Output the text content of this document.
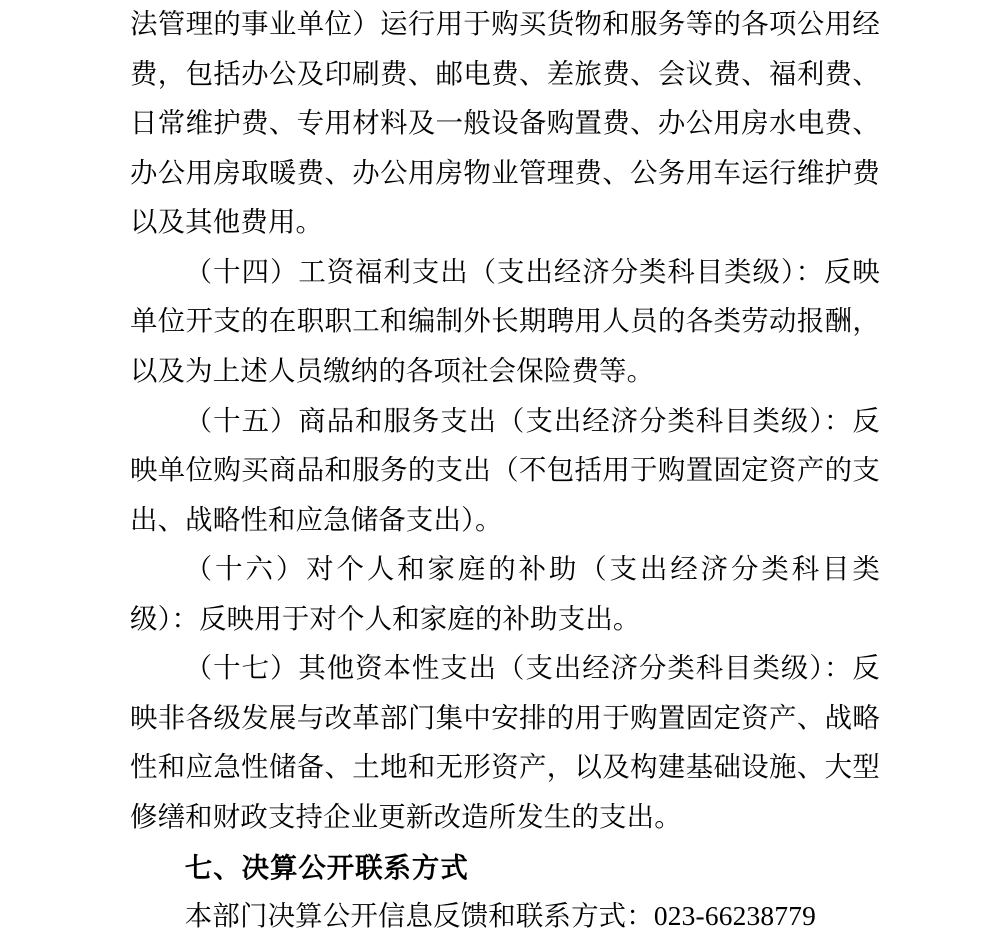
法管理的事业单位）运行用于购买货物和服务等的各项公用经费，包括办公及印刷费、邮电费、差旅费、会议费、福利费、日常维护费、专用材料及一般设备购置费、办公用房水电费、办公用房取暖费、办公用房物业管理费、公务用车运行维护费以及其他费用。

（十四）工资福利支出（支出经济分类科目类级）：反映单位开支的在职职工和编制外长期聘用人员的各类劳动报酬，以及为上述人员缴纳的各项社会保险费等。

（十五）商品和服务支出（支出经济分类科目类级）：反映单位购买商品和服务的支出（不包括用于购置固定资产的支出、战略性和应急储备支出）。

（十六）对个人和家庭的补助（支出经济分类科目类级）：反映用于对个人和家庭的补助支出。

（十七）其他资本性支出（支出经济分类科目类级）：反映非各级发展与改革部门集中安排的用于购置固定资产、战略性和应急性储备、土地和无形资产，以及构建基础设施、大型修缮和财政支持企业更新改造所发生的支出。

七、决算公开联系方式

本部门决算公开信息反馈和联系方式：023-66238779
